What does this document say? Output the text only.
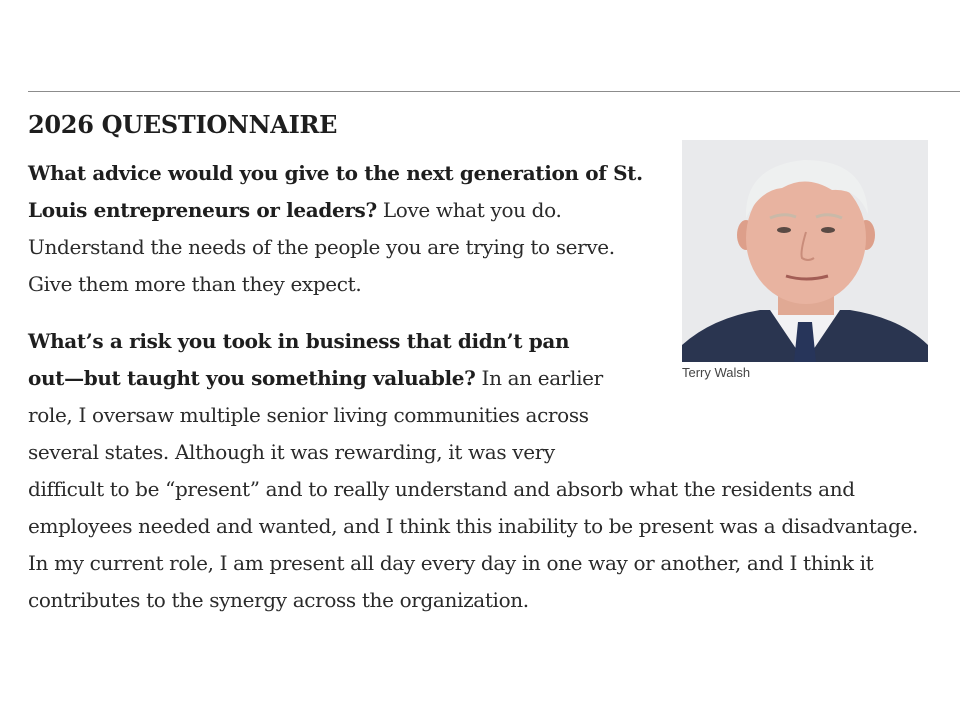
2026 QUESTIONNAIRE

What advice would you give to the next generation of St. Louis entrepreneurs or leaders? Love what you do. Understand the needs of the people you are trying to serve. Give them more than they expect.

What’s a risk you took in business that didn’t pan out—but taught you something valuable? In an earlier role, I oversaw multiple senior living communities across several states. Although it was rewarding, it was very difficult to be “present” and to really understand and absorb what the residents and employees needed and wanted, and I think this inability to be present was a disadvantage. In my current role, I am present all day every day in one way or another, and I think it contributes to the synergy across the organization.

Terry Walsh
